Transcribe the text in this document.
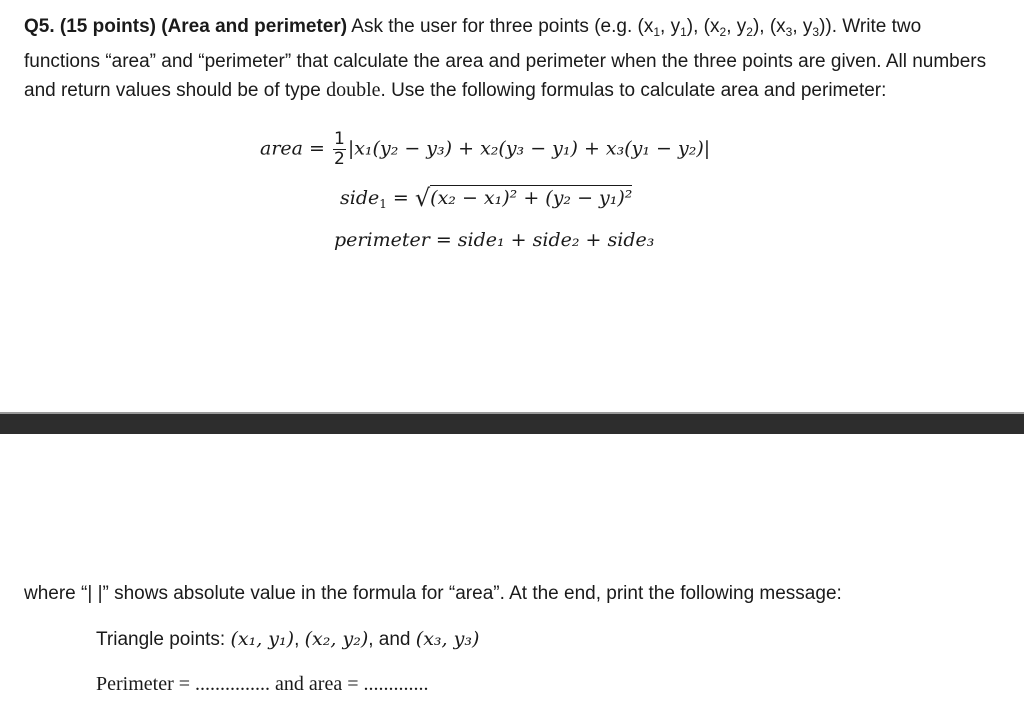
Q5. (15 points) (Area and perimeter) Ask the user for three points (e.g. ($x_1$, $y_1$), ($x_2$, $y_2$), ($x_3$, $y_3$)). Write two functions “area” and “perimeter” that calculate the area and perimeter when the three points are given. All numbers and return values should be of type double. Use the following formulas to calculate area and perimeter:
area = $\frac{1}{2} |x_1(y_2 - y_3) + x_2(y_3 - y_1) + x_3(y_1 - y_2)|$
side$_1$ = √(x₂ − x₁)² + (y₂ − y₁)²
perimeter = side₁ + side₂ + side₃
where “| |” shows absolute value in the formula for “area”. At the end, print the following message:
Triangle points: (x₁, y₁), (x₂, y₂), and (x₃, y₃)
Perimeter = ............... and area = .............
